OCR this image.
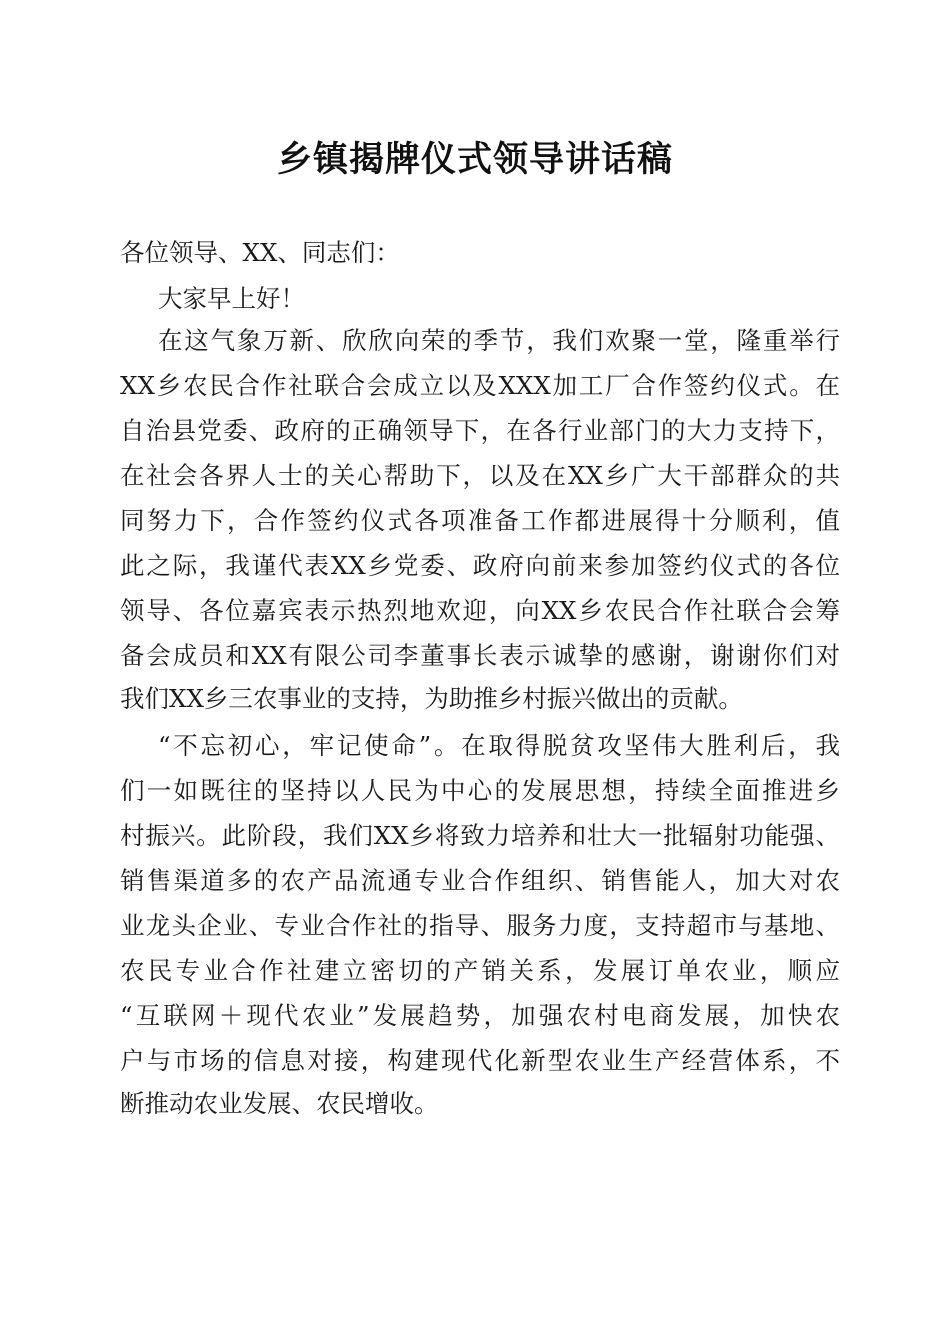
乡镇揭牌仪式领导讲话稿

各位领导、XX、同志们：

大家早上好！

在这气象万新、欣欣向荣的季节，我们欢聚一堂，隆重举行

XX乡农民合作社联合会成立以及XXX加工厂合作签约仪式。在

自治县党委、政府的正确领导下，在各行业部门的大力支持下，

在社会各界人士的关心帮助下，以及在XX乡广大干部群众的共

同努力下，合作签约仪式各项准备工作都进展得十分顺利，值

此之际，我谨代表XX乡党委、政府向前来参加签约仪式的各位

领导、各位嘉宾表示热烈地欢迎，向XX乡农民合作社联合会筹

备会成员和XX有限公司李董事长表示诚挚的感谢，谢谢你们对

我们XX乡三农事业的支持，为助推乡村振兴做出的贡献。

“不忘初心，牢记使命”。在取得脱贫攻坚伟大胜利后，我

们一如既往的坚持以人民为中心的发展思想，持续全面推进乡

村振兴。此阶段，我们XX乡将致力培养和壮大一批辐射功能强、

销售渠道多的农产品流通专业合作组织、销售能人，加大对农

业龙头企业、专业合作社的指导、服务力度，支持超市与基地、

农民专业合作社建立密切的产销关系，发展订单农业，顺应

“互联网＋现代农业”发展趋势，加强农村电商发展，加快农

户与市场的信息对接，构建现代化新型农业生产经营体系，不

断推动农业发展、农民增收。
